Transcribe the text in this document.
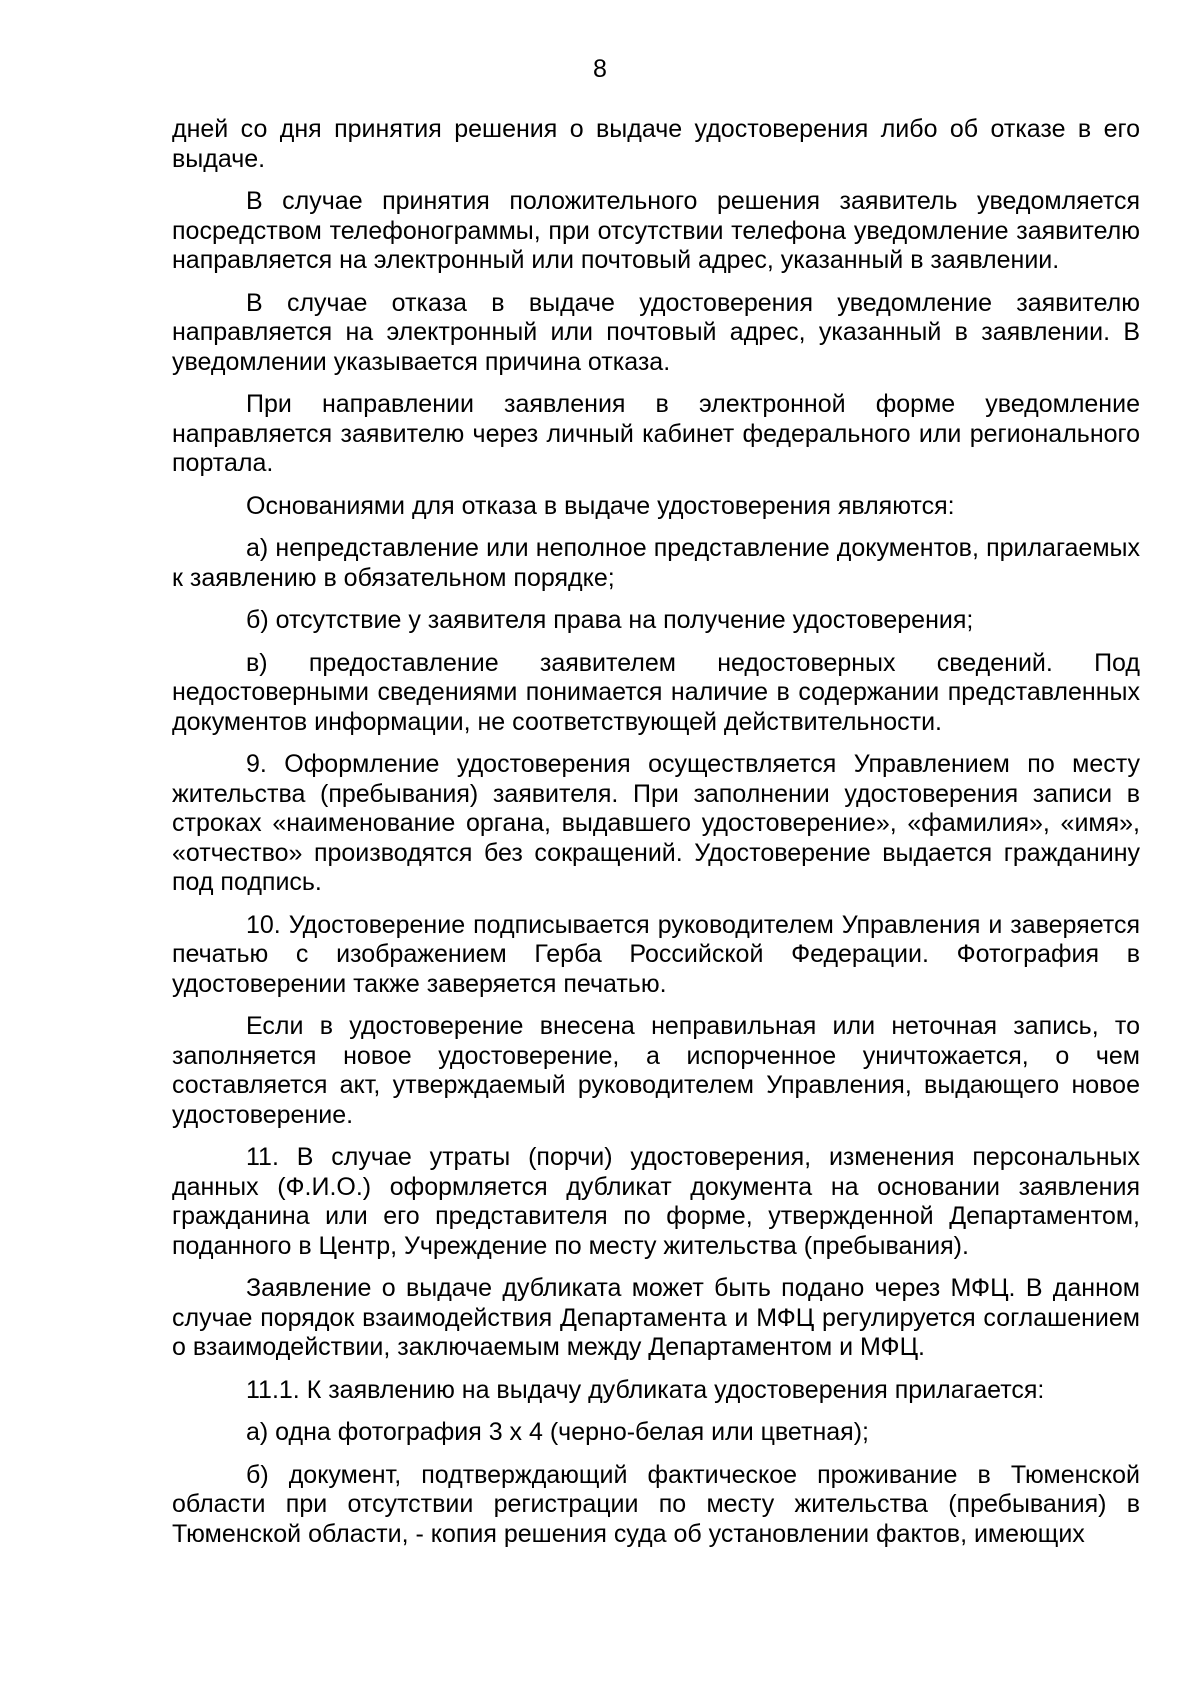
8

дней со дня принятия решения о выдаче удостоверения либо об отказе в его выдаче.

В случае принятия положительного решения заявитель уведомляется посредством телефонограммы, при отсутствии телефона уведомление заявителю направляется на электронный или почтовый адрес, указанный в заявлении.

В случае отказа в выдаче удостоверения уведомление заявителю направляется на электронный или почтовый адрес, указанный в заявлении. В уведомлении указывается причина отказа.

При направлении заявления в электронной форме уведомление направляется заявителю через личный кабинет федерального или регионального портала.

Основаниями для отказа в выдаче удостоверения являются:

а) непредставление или неполное представление документов, прилагаемых к заявлению в обязательном порядке;

б) отсутствие у заявителя права на получение удостоверения;

в) предоставление заявителем недостоверных сведений. Под недостоверными сведениями понимается наличие в содержании представленных документов информации, не соответствующей действительности.

9. Оформление удостоверения осуществляется Управлением по месту жительства (пребывания) заявителя. При заполнении удостоверения записи в строках «наименование органа, выдавшего удостоверение», «фамилия», «имя», «отчество» производятся без сокращений. Удостоверение выдается гражданину под подпись.

10. Удостоверение подписывается руководителем Управления и заверяется печатью с изображением Герба Российской Федерации. Фотография в удостоверении также заверяется печатью.

Если в удостоверение внесена неправильная или неточная запись, то заполняется новое удостоверение, а испорченное уничтожается, о чем составляется акт, утверждаемый руководителем Управления, выдающего новое удостоверение.

11. В случае утраты (порчи) удостоверения, изменения персональных данных (Ф.И.О.) оформляется дубликат документа на основании заявления гражданина или его представителя по форме, утвержденной Департаментом, поданного в Центр, Учреждение по месту жительства (пребывания).

Заявление о выдаче дубликата может быть подано через МФЦ. В данном случае порядок взаимодействия Департамента и МФЦ регулируется соглашением о взаимодействии, заключаемым между Департаментом и МФЦ.

11.1. К заявлению на выдачу дубликата удостоверения прилагается:

а) одна фотография 3 х 4 (черно-белая или цветная);

б) документ, подтверждающий фактическое проживание в Тюменской области при отсутствии регистрации по месту жительства (пребывания) в Тюменской области, - копия решения суда об установлении фактов, имеющих
